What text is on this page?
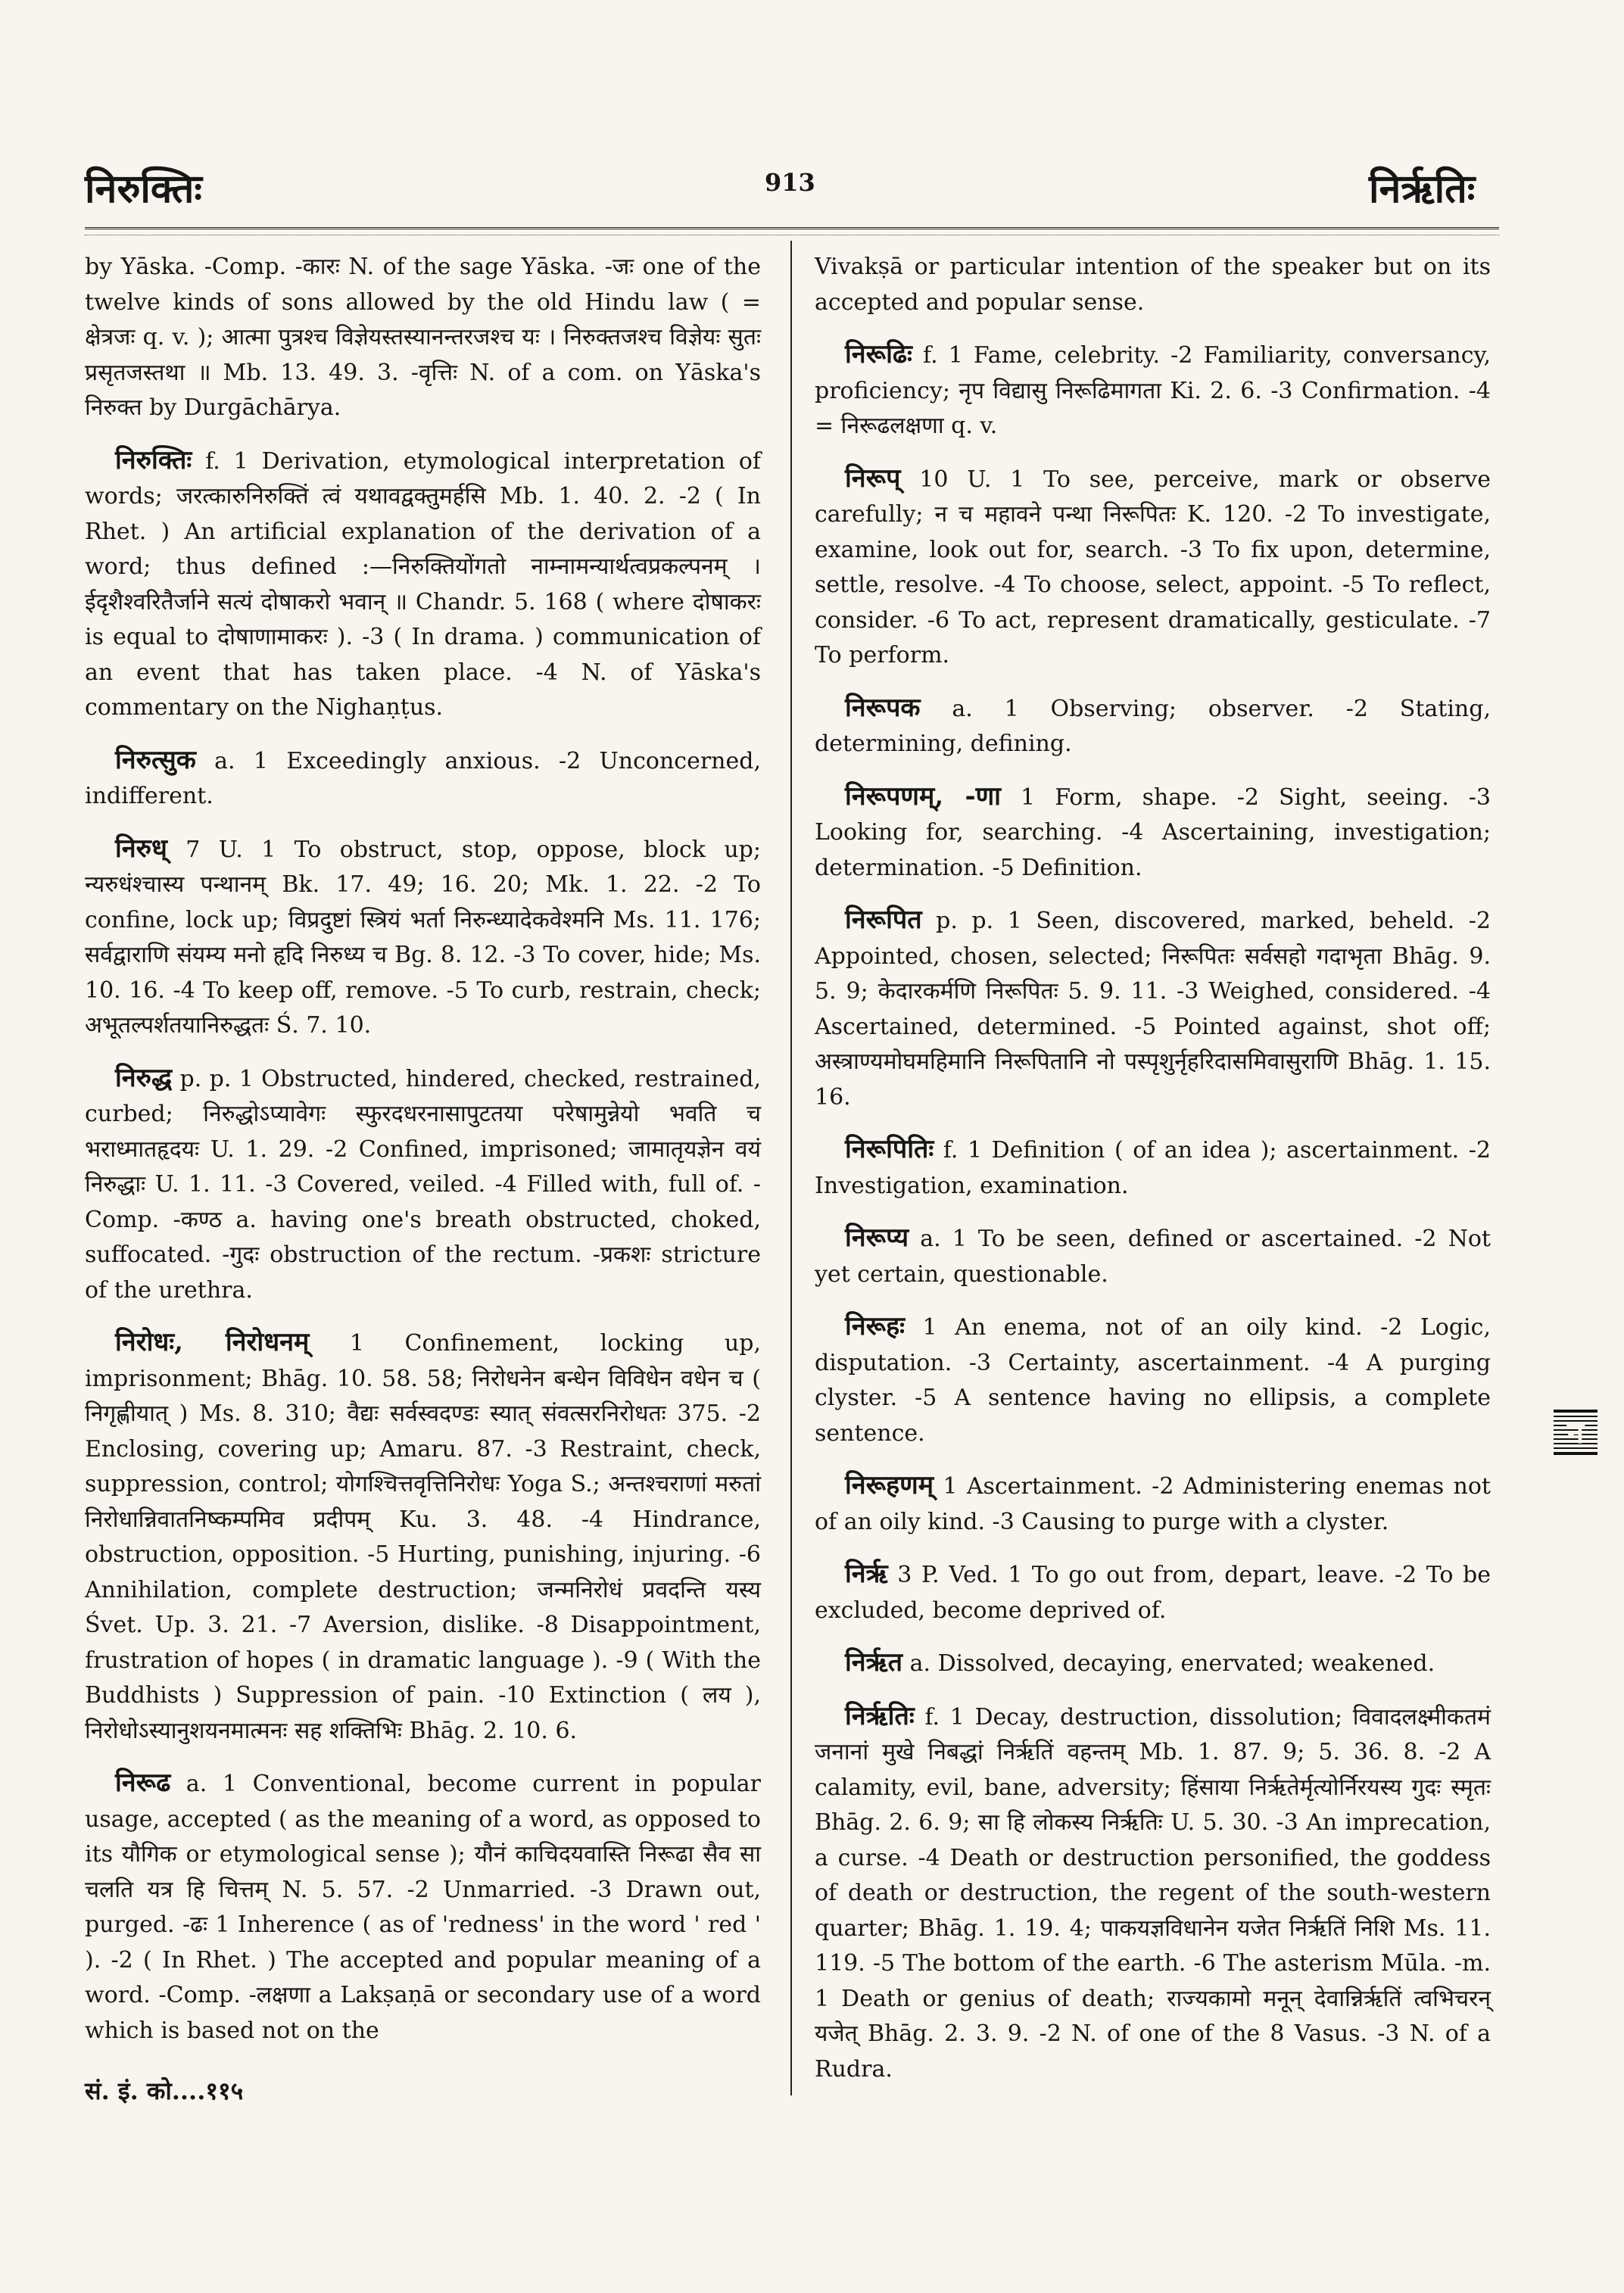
निरुक्तिः	913	निर्ऋतिः

by Yāska. -Comp. -कारः N. of the sage Yāska. -जः one of the twelve kinds of sons allowed by the old Hindu law ( = क्षेत्रजः q. v. ); आत्मा पुत्रश्च विज्ञेयस्तस्यानन्तरजश्च यः । निरुक्तजश्च विज्ञेयः सुतः प्रसृतजस्तथा ॥ Mb. 13. 49. 3. -वृत्तिः N. of a com. on Yāska's निरुक्त by Durgāchārya.

निरुक्तिः f. 1 Derivation, etymological interpretation of words; जरत्कारुनिरुक्तिं त्वं यथावद्वक्तुमर्हसि Mb. 1. 40. 2. -2 ( In Rhet. ) An artificial explanation of the derivation of a word; thus defined :—निरुक्तियोंगतो नाम्नामन्यार्थत्वप्रकल्पनम् । ईदृशैश्वरितैर्जाने सत्यं दोषाकरो भवान् ॥ Chandr. 5. 168 ( where दोषाकरः is equal to दोषाणामाकरः ). -3 ( In drama. ) communication of an event that has taken place. -4 N. of Yāska's commentary on the Nighaṇṭus.

निरुत्सुक a. 1 Exceedingly anxious. -2 Unconcerned, indifferent.

निरुध् 7 U. 1 To obstruct, stop, oppose, block up; न्यरुधंश्चास्य पन्थानम् Bk. 17. 49; 16. 20; Mk. 1. 22. -2 To confine, lock up; विप्रदुष्टां स्त्रियं भर्ता निरुन्ध्यादेकवेश्मनि Ms. 11. 176; सर्वद्वाराणि संयम्य मनो हृदि निरुध्य च Bg. 8. 12. -3 To cover, hide; Ms. 10. 16. -4 To keep off, remove. -5 To curb, restrain, check; अभूतल्पर्शतयानिरुद्धतः Ś. 7. 10.

निरुद्ध p. p. 1 Obstructed, hindered, checked, restrained, curbed; निरुद्धोऽप्यावेगः स्फुरदधरनासापुटतया परेषामुन्नेयो भवति च भराध्मातहृदयः U. 1. 29. -2 Confined, imprisoned; जामातृयज्ञेन वयं निरुद्धाः U. 1. 11. -3 Covered, veiled. -4 Filled with, full of. -Comp. -कण्ठ a. having one's breath obstructed, choked, suffocated. -गुदः obstruction of the rectum. -प्रकशः stricture of the urethra.

निरोधः, निरोधनम् 1 Confinement, locking up, imprisonment; Bhāg. 10. 58. 58; निरोधनेन बन्धेन विविधेन वधेन च ( निगृह्णीयात् ) Ms. 8. 310; वैद्यः सर्वस्वदण्डः स्यात् संवत्सरनिरोधतः 375. -2 Enclosing, covering up; Amaru. 87. -3 Restraint, check, suppression, control; योगश्चित्तवृत्तिनिरोधः Yoga S.; अन्तश्चराणां मरुतां निरोधान्निवातनिष्कम्पमिव प्रदीपम् Ku. 3. 48. -4 Hindrance, obstruction, opposition. -5 Hurting, punishing, injuring. -6 Annihilation, complete destruction; जन्मनिरोधं प्रवदन्ति यस्य Śvet. Up. 3. 21. -7 Aversion, dislike. -8 Disappointment, frustration of hopes ( in dramatic language ). -9 ( With the Buddhists ) Suppression of pain. -10 Extinction ( लय ), निरोधोऽस्यानुशयनमात्मनः सह शक्तिभिः Bhāg. 2. 10. 6.

निरूढ a. 1 Conventional, become current in popular usage, accepted ( as the meaning of a word, as opposed to its यौगिक or etymological sense ); यौनं काचिदयवास्ति निरूढा सैव सा चलति यत्र हि चित्तम् N. 5. 57. -2 Unmarried. -3 Drawn out, purged. -ढः 1 Inherence ( as of 'redness' in the word ' red ' ). -2 ( In Rhet. ) The accepted and popular meaning of a word. -Comp. -लक्षणा a Lakṣaṇā or secondary use of a word which is based not on the

Vivakṣā or particular intention of the speaker but on its accepted and popular sense.

निरूढिः f. 1 Fame, celebrity. -2 Familiarity, conversancy, proficiency; नृप विद्यासु निरूढिमागता Ki. 2. 6. -3 Confirmation. -4 = निरूढलक्षणा q. v.

निरूप् 10 U. 1 To see, perceive, mark or observe carefully; न च महावने पन्था निरूपितः K. 120. -2 To investigate, examine, look out for, search. -3 To fix upon, determine, settle, resolve. -4 To choose, select, appoint. -5 To reflect, consider. -6 To act, represent dramatically, gesticulate. -7 To perform.

निरूपक a. 1 Observing; observer. -2 Stating, determining, defining.

निरूपणम्, -णा 1 Form, shape. -2 Sight, seeing. -3 Looking for, searching. -4 Ascertaining, investigation; determination. -5 Definition.

निरूपित p. p. 1 Seen, discovered, marked, beheld. -2 Appointed, chosen, selected; निरूपितः सर्वसहो गदाभृता Bhāg. 9. 5. 9; केदारकर्मणि निरूपितः 5. 9. 11. -3 Weighed, considered. -4 Ascertained, determined. -5 Pointed against, shot off; अस्त्राण्यमोघमहिमानि निरूपितानि नो पस्पृशुर्नृहरिदासमिवासुराणि Bhāg. 1. 15. 16.

निरूपितिः f. 1 Definition ( of an idea ); ascertainment. -2 Investigation, examination.

निरूप्य a. 1 To be seen, defined or ascertained. -2 Not yet certain, questionable.

निरूहः 1 An enema, not of an oily kind. -2 Logic, disputation. -3 Certainty, ascertainment. -4 A purging clyster. -5 A sentence having no ellipsis, a complete sentence.

निरूहणम् 1 Ascertainment. -2 Administering enemas not of an oily kind. -3 Causing to purge with a clyster.

निर्ऋ 3 P. Ved. 1 To go out from, depart, leave. -2 To be excluded, become deprived of.

निर्ऋत a. Dissolved, decaying, enervated; weakened.

निर्ऋतिः f. 1 Decay, destruction, dissolution; विवादलक्ष्मीकतमं जनानां मुखे निबद्धां निर्ऋतिं वहन्तम् Mb. 1. 87. 9; 5. 36. 8. -2 A calamity, evil, bane, adversity; हिंसाया निर्ऋतेर्मृत्योर्निरयस्य गुदः स्मृतः Bhāg. 2. 6. 9; सा हि लोकस्य निर्ऋतिः U. 5. 30. -3 An imprecation, a curse. -4 Death or destruction personified, the goddess of death or destruction, the regent of the south-western quarter; Bhāg. 1. 19. 4; पाकयज्ञविधानेन यजेत निर्ऋतिं निशि Ms. 11. 119. -5 The bottom of the earth. -6 The asterism Mūla. -m. 1 Death or genius of death; राज्यकामो मनून् देवान्निर्ऋतिं त्वभिचरन् यजेत् Bhāg. 2. 3. 9. -2 N. of one of the 8 Vasus. -3 N. of a Rudra.

सं. इं. को....११५
न
